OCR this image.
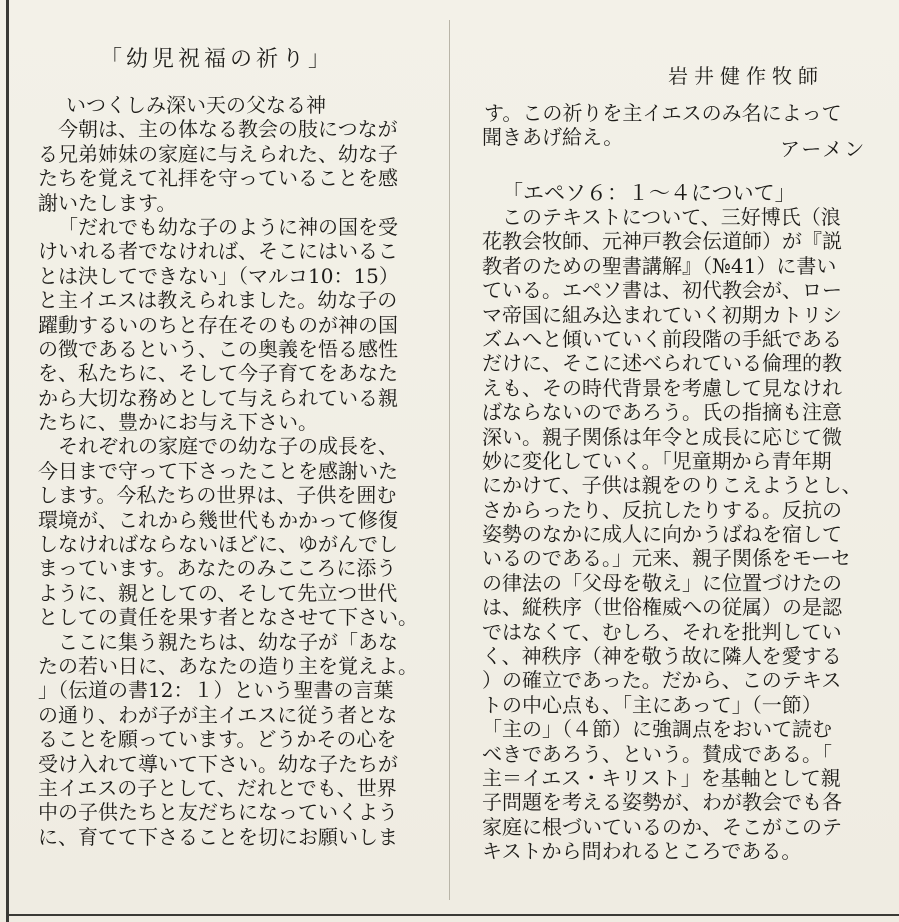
「幼児祝福の祈り」
いつくしみ深い天の父なる神
今朝は、主の体なる教会の肢につなが
る兄弟姉妹の家庭に与えられた、幼な子
たちを覚えて礼拝を守っていることを感
謝いたします。
「だれでも幼な子のように神の国を受
けいれる者でなければ、そこにはいるこ
とは決してできない」（マルコ10：15）
と主イエスは教えられました。幼な子の
躍動するいのちと存在そのものが神の国
の徴であるという、この奥義を悟る感性
を、私たちに、そして今子育てをあなた
から大切な務めとして与えられている親
たちに、豊かにお与え下さい。
それぞれの家庭での幼な子の成長を、
今日まで守って下さったことを感謝いた
します。今私たちの世界は、子供を囲む
環境が、これから幾世代もかかって修復
しなければならないほどに、ゆがんでし
まっています。あなたのみこころに添う
ように、親としての、そして先立つ世代
としての責任を果す者となさせて下さい。
ここに集う親たちは、幼な子が「あな
たの若い日に、あなたの造り主を覚えよ。
」（伝道の書12：１）という聖書の言葉
の通り、わが子が主イエスに従う者とな
ることを願っています。どうかその心を
受け入れて導いて下さい。幼な子たちが
主イエスの子として、だれとでも、世界
中の子供たちと友だちになっていくよう
に、育てて下さることを切にお願いしま
岩井健作牧師
す。この祈りを主イエスのみ名によって
聞きあげ給え。	アーメン
「エペソ６：１〜４について」
このテキストについて、三好博氏（浪
花教会牧師、元神戸教会伝道師）が『説
教者のための聖書講解』（№41）に書い
ている。エペソ書は、初代教会が、ロー
マ帝国に組み込まれていく初期カトリシ
ズムへと傾いていく前段階の手紙である
だけに、そこに述べられている倫理的教
えも、その時代背景を考慮して見なけれ
ばならないのであろう。氏の指摘も注意
深い。親子関係は年令と成長に応じて微
妙に変化していく。「児童期から青年期
にかけて、子供は親をのりこえようとし、
さからったり、反抗したりする。反抗の
姿勢のなかに成人に向かうばねを宿して
いるのである。」元来、親子関係をモーセ
の律法の「父母を敬え」に位置づけたの
は、縦秩序（世俗権威への従属）の是認
ではなくて、むしろ、それを批判してい
く、神秩序（神を敬う故に隣人を愛する
）の確立であった。だから、このテキス
トの中心点も、「主にあって」（一節）
「主の」（４節）に強調点をおいて読む
べきであろう、という。賛成である。「
主＝イエス・キリスト」を基軸として親
子問題を考える姿勢が、わが教会でも各
家庭に根づいているのか、そこがこのテ
キストから問われるところである。
